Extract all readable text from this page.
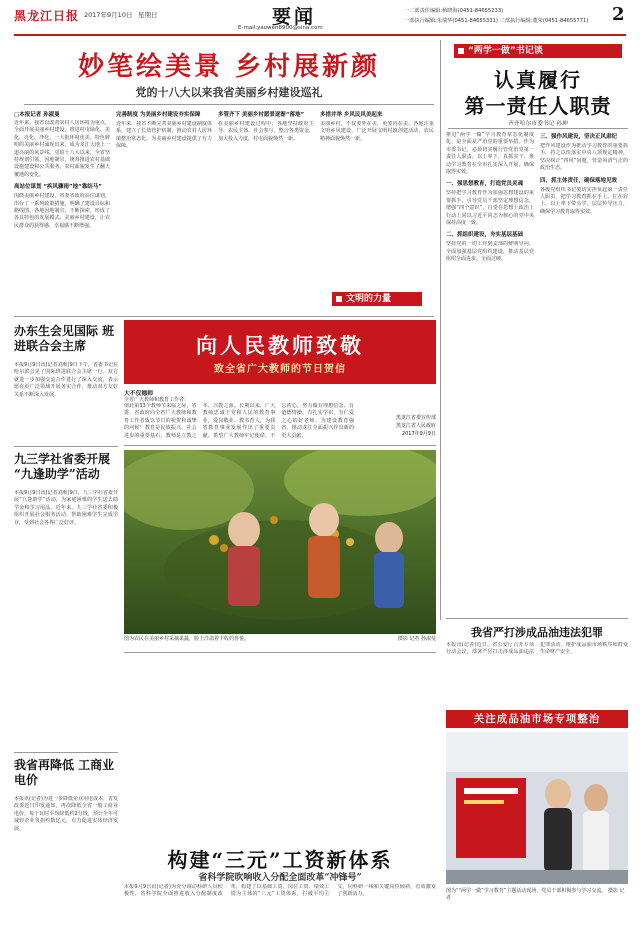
黑龙江日报 2017年9月10日 星期日	要闻
E-mail:yaowen8900@sina.com
一二部责任编辑:杨晓海(0451-84655233)
一部执行编辑:朱瑞华(0451-84655331) 二部执行编辑:董荣(0451-84655771) 2
妙笔绘美景 乡村展新颜
党的十八大以来我省美丽乡村建设巡礼
□本报记者 孙淑曼
近年来，我省以改善农村人居环境为重点，全面开展美丽乡村建设，推进村屯绿化、美化、亮化、净化，一大批环境优美、特色鲜明的美丽乡村涌现出来，成为龙江大地上一道亮丽的风景线。党的十八大以来，全省坚持规划引领、因地制宜，统筹推进农村基础设施建设和公共服务，农村面貌发生了翻天覆地的变化。
高站位谋划 “疾风骤雨”地“靠结马”
围绕美丽乡村建设，省委省政府高位谋划，出台了一系列政策措施，明确了建设目标和路线图，各地因地制宜，不断探索，形成了各具特色的发展模式。美丽乡村建设，让农民群众的获得感、幸福感不断增强。
完善制度 为美丽乡村建设夯实保障
近年来，我省不断完善美丽乡村建设制度体系，建立了长效管护机制，推动农村人居环境整治常态化，为美丽乡村建设提供了有力保障。
多管齐下 美丽乡村愿景逐渐“落地”
在美丽乡村建设过程中，各地坚持政府主导、农民主体、社会参与，整合各类资金，加大投入力度，村屯面貌焕然一新。
多措并举 乡风民风美起来
美丽乡村，不仅要外在美，更要内在美。各地注重文明乡风建设，广泛开展文明村镇创建活动，农民精神面貌焕然一新。
文明的力量
“两学一做”书记谈
认真履行
第一责任人职责
齐齐哈尔市委书记 孙珅
推进“两学一做”学习教育常态化制度化，是全面从严治党的重要举措。作为市委书记，必须切实履行管党治党第一责任人职责，以上率下，真抓实干，推动学习教育在全市扎实深入开展，确保取得实效。
一、强思想教育，打造党员灵魂
坚持把学习教育作为加强思想建设的重要抓手，引导党员干部坚定理想信念，增强“四个意识”，自觉在思想上政治上行动上同以习近平同志为核心的党中央保持高度一致。
二、抓组织建设，夯实基层基础
坚持党的一切工作到支部的鲜明导向，全面加强基层党组织建设，推动基层党组织全面进步、全面过硬。
三、强作风建设，坚决正风肃纪
把作风建设作为推动学习教育的重要抓手，持之以恒落实中央八项规定精神，坚决纠正“四风”问题，营造风清气正的政治生态。
四、抓主体责任，确保落地见效
各级党组织书记要切实担负起第一责任人职责，把学习教育抓在手上、扛在肩上，以上率下带头学，层层传导压力，确保学习教育取得实效。
办东生会见国际 班进联合会主席
本报9月9日讯(记者刘莉)9日下午，省委书记在哈尔滨会见了国际班进联合会主席一行。双方就进一步加强交流合作进行了深入交流，表示愿在更广泛领域开展务实合作，推动双方友好关系不断深入发展。
向人民教师致敬
致全省广大教师的节日贺信
大不仅德师
全省广大教师和教育工作者：
值此第33个教师节来临之际，省委、省政府向全省广大教师和教育工作者致以节日的祝贺和诚挚的问候！教育是民族振兴、社会进步的重要基石，教师是立教之本、兴教之源。长期以来，广大教师忠诚于党和人民的教育事业，爱岗敬业、教书育人，为我省教育事业发展作出了重要贡献。希望广大教师牢记使命，不忘初心，努力做有理想信念、有道德情操、有扎实学识、有仁爱之心的好老师，为建设教育强省、推动龙江全面振兴作出新的更大贡献。
黑龙江省委宣传部
黑龙江省人民政府
2017年9月9日
图为农民在美丽乡村采摘果蔬，脸上洋溢着丰收的喜悦。	摄影 记者 孙淑曼
九三学社省委开展 “九逢助学”活动
本报9月9日讯(记者刘莉)9日，九三学社省委开展“九逢助学”活动，为家庭困难的学生送去助学金和学习用品。近年来，九三学社省委积极组织开展社会服务活动，帮助困难学生完成学业，受到社会各界广泛好评。
我省严打涉成品油违法犯罪
本报讯(记者)近日，省公安厅召开专项行动会议，部署严厉打击涉成品油违法犯罪活动，维护成品油市场秩序和群众生命财产安全。
关注成品油市场专项整治
我省再降低 工商业电价
本报讯(记者)为进一步降低企业用电成本，省发改委近日印发通知，再次降低全省一般工商业电价，每千瓦时平均降低约2分钱，预计全年可减轻企业负担约数亿元，有力促进实体经济发展。
构建“三元”工资新体系
省科学院吹响收入分配全面改革“冲锋号”
本报9月9日讯(记者)为充分调动科研人员积极性，省科学院全面推进收入分配制度改革，构建了以基础工资、岗位工资、绩效工资为主体的“三元”工资体系，打破平均主义，向科研一线和关键岗位倾斜，有效激发了创新活力。
图为““两学一做”学习教育”主题活动现场，党员干部积极参与学习交流。 摄影 记者
